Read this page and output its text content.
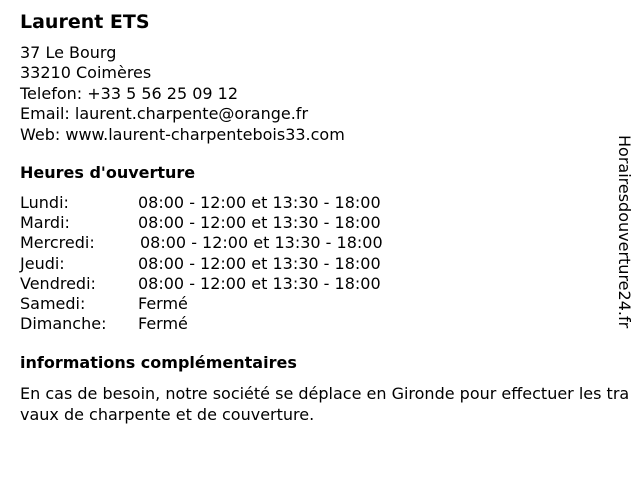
Laurent ETS
37 Le Bourg
33210 Coimères
Telefon: +33 5 56 25 09 12
Email: laurent.charpente@orange.fr
Web: www.laurent-charpentebois33.com
Heures d'ouverture
Lundi:	08:00 - 12:00 et 13:30 - 18:00
Mardi:	08:00 - 12:00 et 13:30 - 18:00
Mercredi:	08:00 - 12:00 et 13:30 - 18:00
Jeudi:	08:00 - 12:00 et 13:30 - 18:00
Vendredi:	08:00 - 12:00 et 13:30 - 18:00
Samedi:	Fermé
Dimanche: Fermé
informations complémentaires
En cas de besoin, notre société se déplace en Gironde pour effectuer les travaux de charpente et de couverture.
Horairesdouverture24.fr
